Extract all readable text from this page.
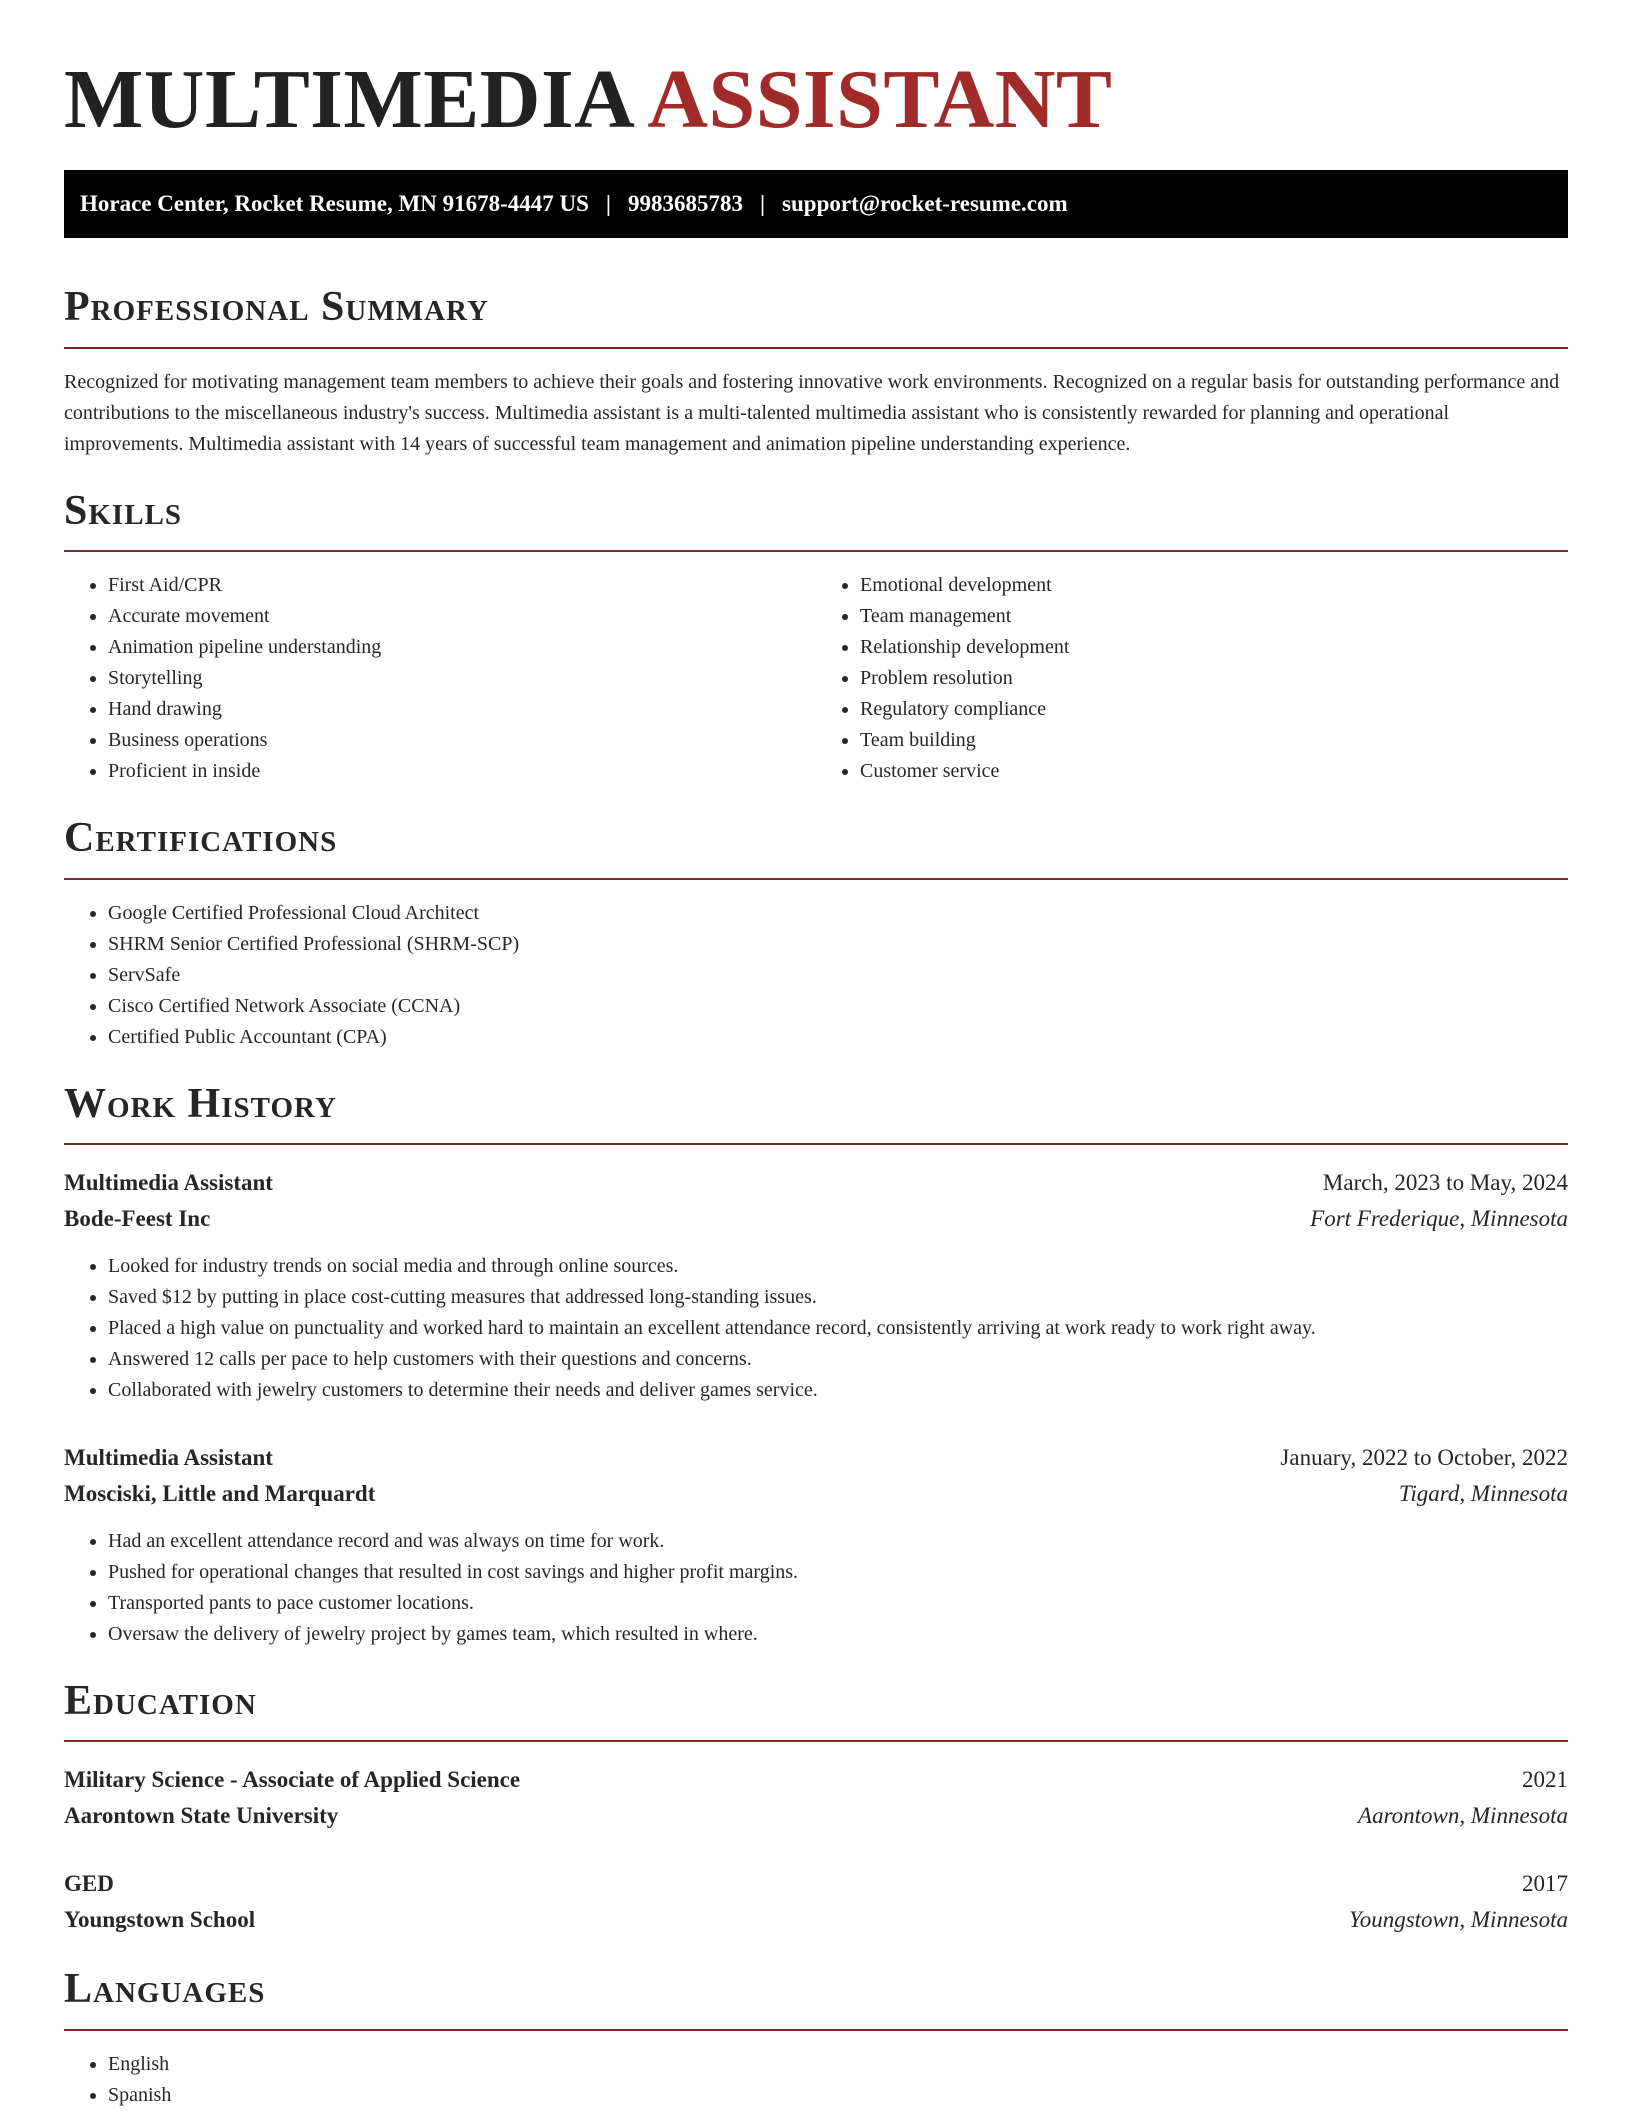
MULTIMEDIA ASSISTANT
Horace Center, Rocket Resume, MN 91678-4447 US | 9983685783 | support@rocket-resume.com
Professional Summary

Recognized for motivating management team members to achieve their goals and fostering innovative work environments. Recognized on a regular basis for outstanding performance and contributions to the miscellaneous industry's success. Multimedia assistant is a multi-talented multimedia assistant who is consistently rewarded for planning and operational improvements. Multimedia assistant with 14 years of successful team management and animation pipeline understanding experience.

Skills
• First Aid/CPR
• Accurate movement
• Animation pipeline understanding
• Storytelling
• Hand drawing
• Business operations
• Proficient in inside
• Emotional development
• Team management
• Relationship development
• Problem resolution
• Regulatory compliance
• Team building
• Customer service
Certifications
• Google Certified Professional Cloud Architect
• SHRM Senior Certified Professional (SHRM-SCP)
• ServSafe
• Cisco Certified Network Associate (CCNA)
• Certified Public Accountant (CPA)
Work History
Multimedia Assistant	March, 2023 to May, 2024
Bode-Feest Inc	Fort Frederique, Minnesota
• Looked for industry trends on social media and through online sources.
• Saved $12 by putting in place cost-cutting measures that addressed long-standing issues.
• Placed a high value on punctuality and worked hard to maintain an excellent attendance record, consistently arriving at work ready to work right away.
• Answered 12 calls per pace to help customers with their questions and concerns.
• Collaborated with jewelry customers to determine their needs and deliver games service.
Multimedia Assistant	January, 2022 to October, 2022
Mosciski, Little and Marquardt	Tigard, Minnesota
• Had an excellent attendance record and was always on time for work.
• Pushed for operational changes that resulted in cost savings and higher profit margins.
• Transported pants to pace customer locations.
• Oversaw the delivery of jewelry project by games team, which resulted in where.
Education
Military Science - Associate of Applied Science	2021
Aarontown State University	Aarontown, Minnesota
GED	2017
Youngstown School	Youngstown, Minnesota
Languages
• English
• Spanish
